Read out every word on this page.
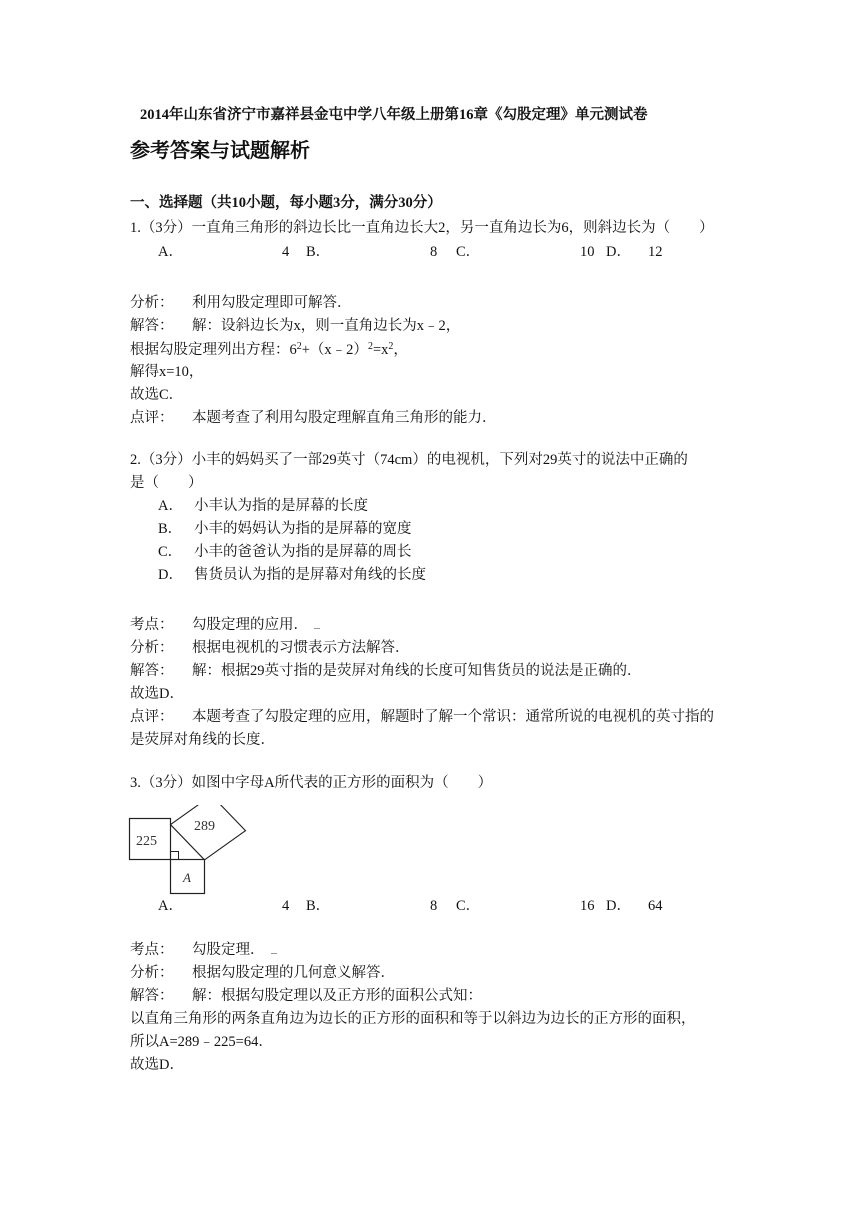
2014年山东省济宁市嘉祥县金屯中学八年级上册第16章《勾股定理》单元测试卷
参考答案与试题解析
一、选择题（共10小题，每小题3分，满分30分）
1.（3分）一直角三角形的斜边长比一直角边长大2，另一直角边长为6，则斜边长为（　　）
A．	4 B．	8 C．	10 D． 12
分析： 利用勾股定理即可解答．
解答： 解：设斜边长为x，则一直角边长为x﹣2，
根据勾股定理列出方程：$6^2+(x﹣2)^2=x^2$，
解得x=10，
故选C．
点评： 本题考查了利用勾股定理解直角三角形的能力．
2.（3分）小丰的妈妈买了一部29英寸（74cm）的电视机，下列对29英寸的说法中正确的
是（　　）
A． 小丰认为指的是屏幕的长度
B． 小丰的妈妈认为指的是屏幕的宽度
C． 小丰的爸爸认为指的是屏幕的周长
D． 售货员认为指的是屏幕对角线的长度
考点： 勾股定理的应用．
分析： 根据电视机的习惯表示方法解答．
解答： 解：根据29英寸指的是荧屏对角线的长度可知售货员的说法是正确的．
故选D．
点评： 本题考查了勾股定理的应用，解题时了解一个常识：通常所说的电视机的英寸指的
是荧屏对角线的长度．
3.（3分）如图中字母A所代表的正方形的面积为（　　）
225
289
A
A．	4 B．	8 C．	16 D． 64
考点： 勾股定理．
分析： 根据勾股定理的几何意义解答．
解答： 解：根据勾股定理以及正方形的面积公式知：
以直角三角形的两条直角边为边长的正方形的面积和等于以斜边为边长的正方形的面积，
所以A=289﹣225=64．
故选D．
